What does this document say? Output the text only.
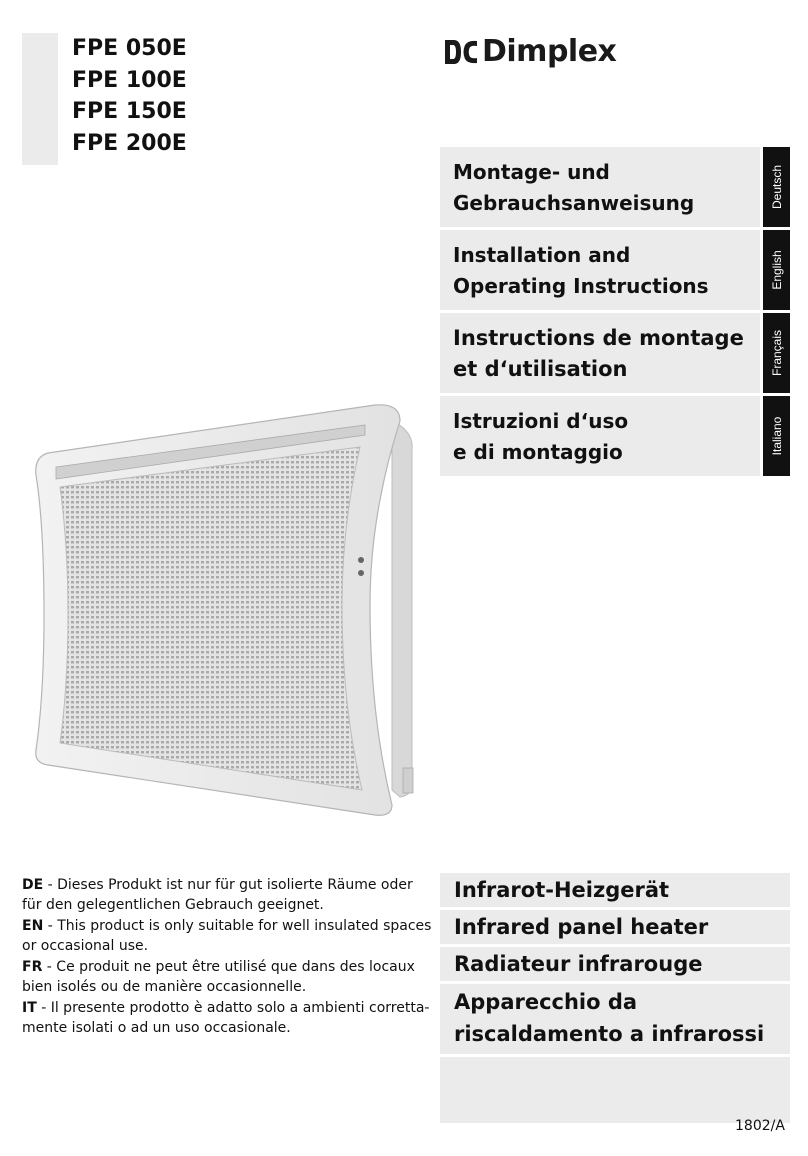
FPE 050E
FPE 100E
FPE 150E
FPE 200E
Dimplex
Montage- und
Gebrauchsanweisung	Deutsch
Installation and
Operating Instructions	English
Instructions de montage
et d‘utilisation	Français
Istruzioni d‘uso
e di montaggio	Italiano

DE - Dieses Produkt ist nur für gut isolierte Räume oder für den gelegentlichen Gebrauch geeignet.

EN - This product is only suitable for well insulated spaces or occasional use.

FR - Ce produit ne peut être utilisé que dans des locaux bien isolés ou de manière occasionnelle.

IT - Il presente prodotto è adatto solo a ambienti corretta-mente isolati o ad un uso occasionale.

Infrarot-Heizgerät
Infrared panel heater
Radiateur infrarouge
Apparecchio da
riscaldamento a infrarossi
1802/A
